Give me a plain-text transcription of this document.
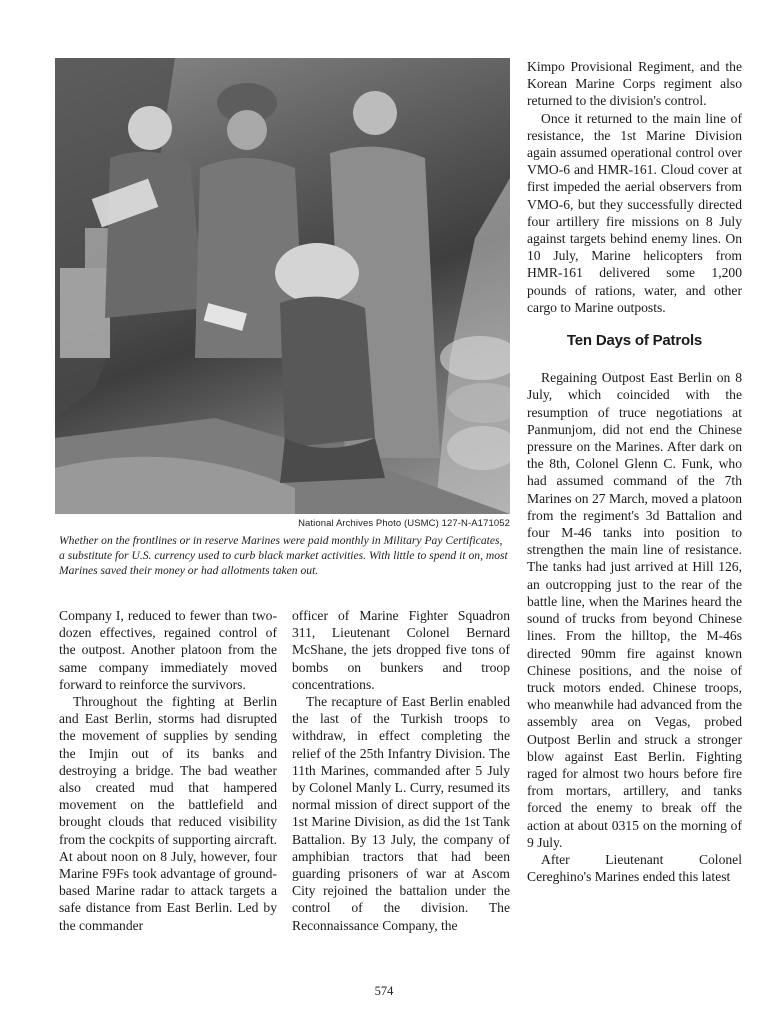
National Archives Photo (USMC) 127-N-A171052
Whether on the frontlines or in reserve Marines were paid monthly in Military Pay Certificates, a substitute for U.S. currency used to curb black market activities. With little to spend it on, most Marines saved their money or had allotments taken out.

Company I, reduced to fewer than two-dozen effectives, regained control of the outpost. Another platoon from the same company immediately moved forward to reinforce the survivors.

Throughout the fighting at Berlin and East Berlin, storms had disrupted the movement of supplies by sending the Imjin out of its banks and destroying a bridge. The bad weather also created mud that hampered movement on the battlefield and brought clouds that reduced visibility from the cockpits of supporting aircraft. At about noon on 8 July, however, four Marine F9Fs took advantage of ground-based Marine radar to attack targets a safe distance from East Berlin. Led by the commander

officer of Marine Fighter Squadron 311, Lieutenant Colonel Bernard McShane, the jets dropped five tons of bombs on bunkers and troop concentrations.

The recapture of East Berlin enabled the last of the Turkish troops to withdraw, in effect completing the relief of the 25th Infantry Division. The 11th Marines, commanded after 5 July by Colonel Manly L. Curry, resumed its normal mission of direct support of the 1st Marine Division, as did the 1st Tank Battalion. By 13 July, the company of amphibian tractors that had been guarding prisoners of war at Ascom City rejoined the battalion under the control of the division. The Reconnaissance Company, the

Kimpo Provisional Regiment, and the Korean Marine Corps regiment also returned to the division's control.

Once it returned to the main line of resistance, the 1st Marine Division again assumed operational control over VMO-6 and HMR-161. Cloud cover at first impeded the aerial observers from VMO-6, but they successfully directed four artillery fire missions on 8 July against targets behind enemy lines. On 10 July, Marine helicopters from HMR-161 delivered some 1,200 pounds of rations, water, and other cargo to Marine outposts.

Ten Days of Patrols

Regaining Outpost East Berlin on 8 July, which coincided with the resumption of truce negotiations at Panmunjom, did not end the Chinese pressure on the Marines. After dark on the 8th, Colonel Glenn C. Funk, who had assumed command of the 7th Marines on 27 March, moved a platoon from the regiment's 3d Battalion and four M-46 tanks into position to strengthen the main line of resistance. The tanks had just arrived at Hill 126, an outcropping just to the rear of the battle line, when the Marines heard the sound of trucks from beyond Chinese lines. From the hilltop, the M-46s directed 90mm fire against known Chinese positions, and the noise of truck motors ended. Chinese troops, who meanwhile had advanced from the assembly area on Vegas, probed Outpost Berlin and struck a stronger blow against East Berlin. Fighting raged for almost two hours before fire from mortars, artillery, and tanks forced the enemy to break off the action at about 0315 on the morning of 9 July.

After Lieutenant Colonel Cereghino's Marines ended this latest

574
